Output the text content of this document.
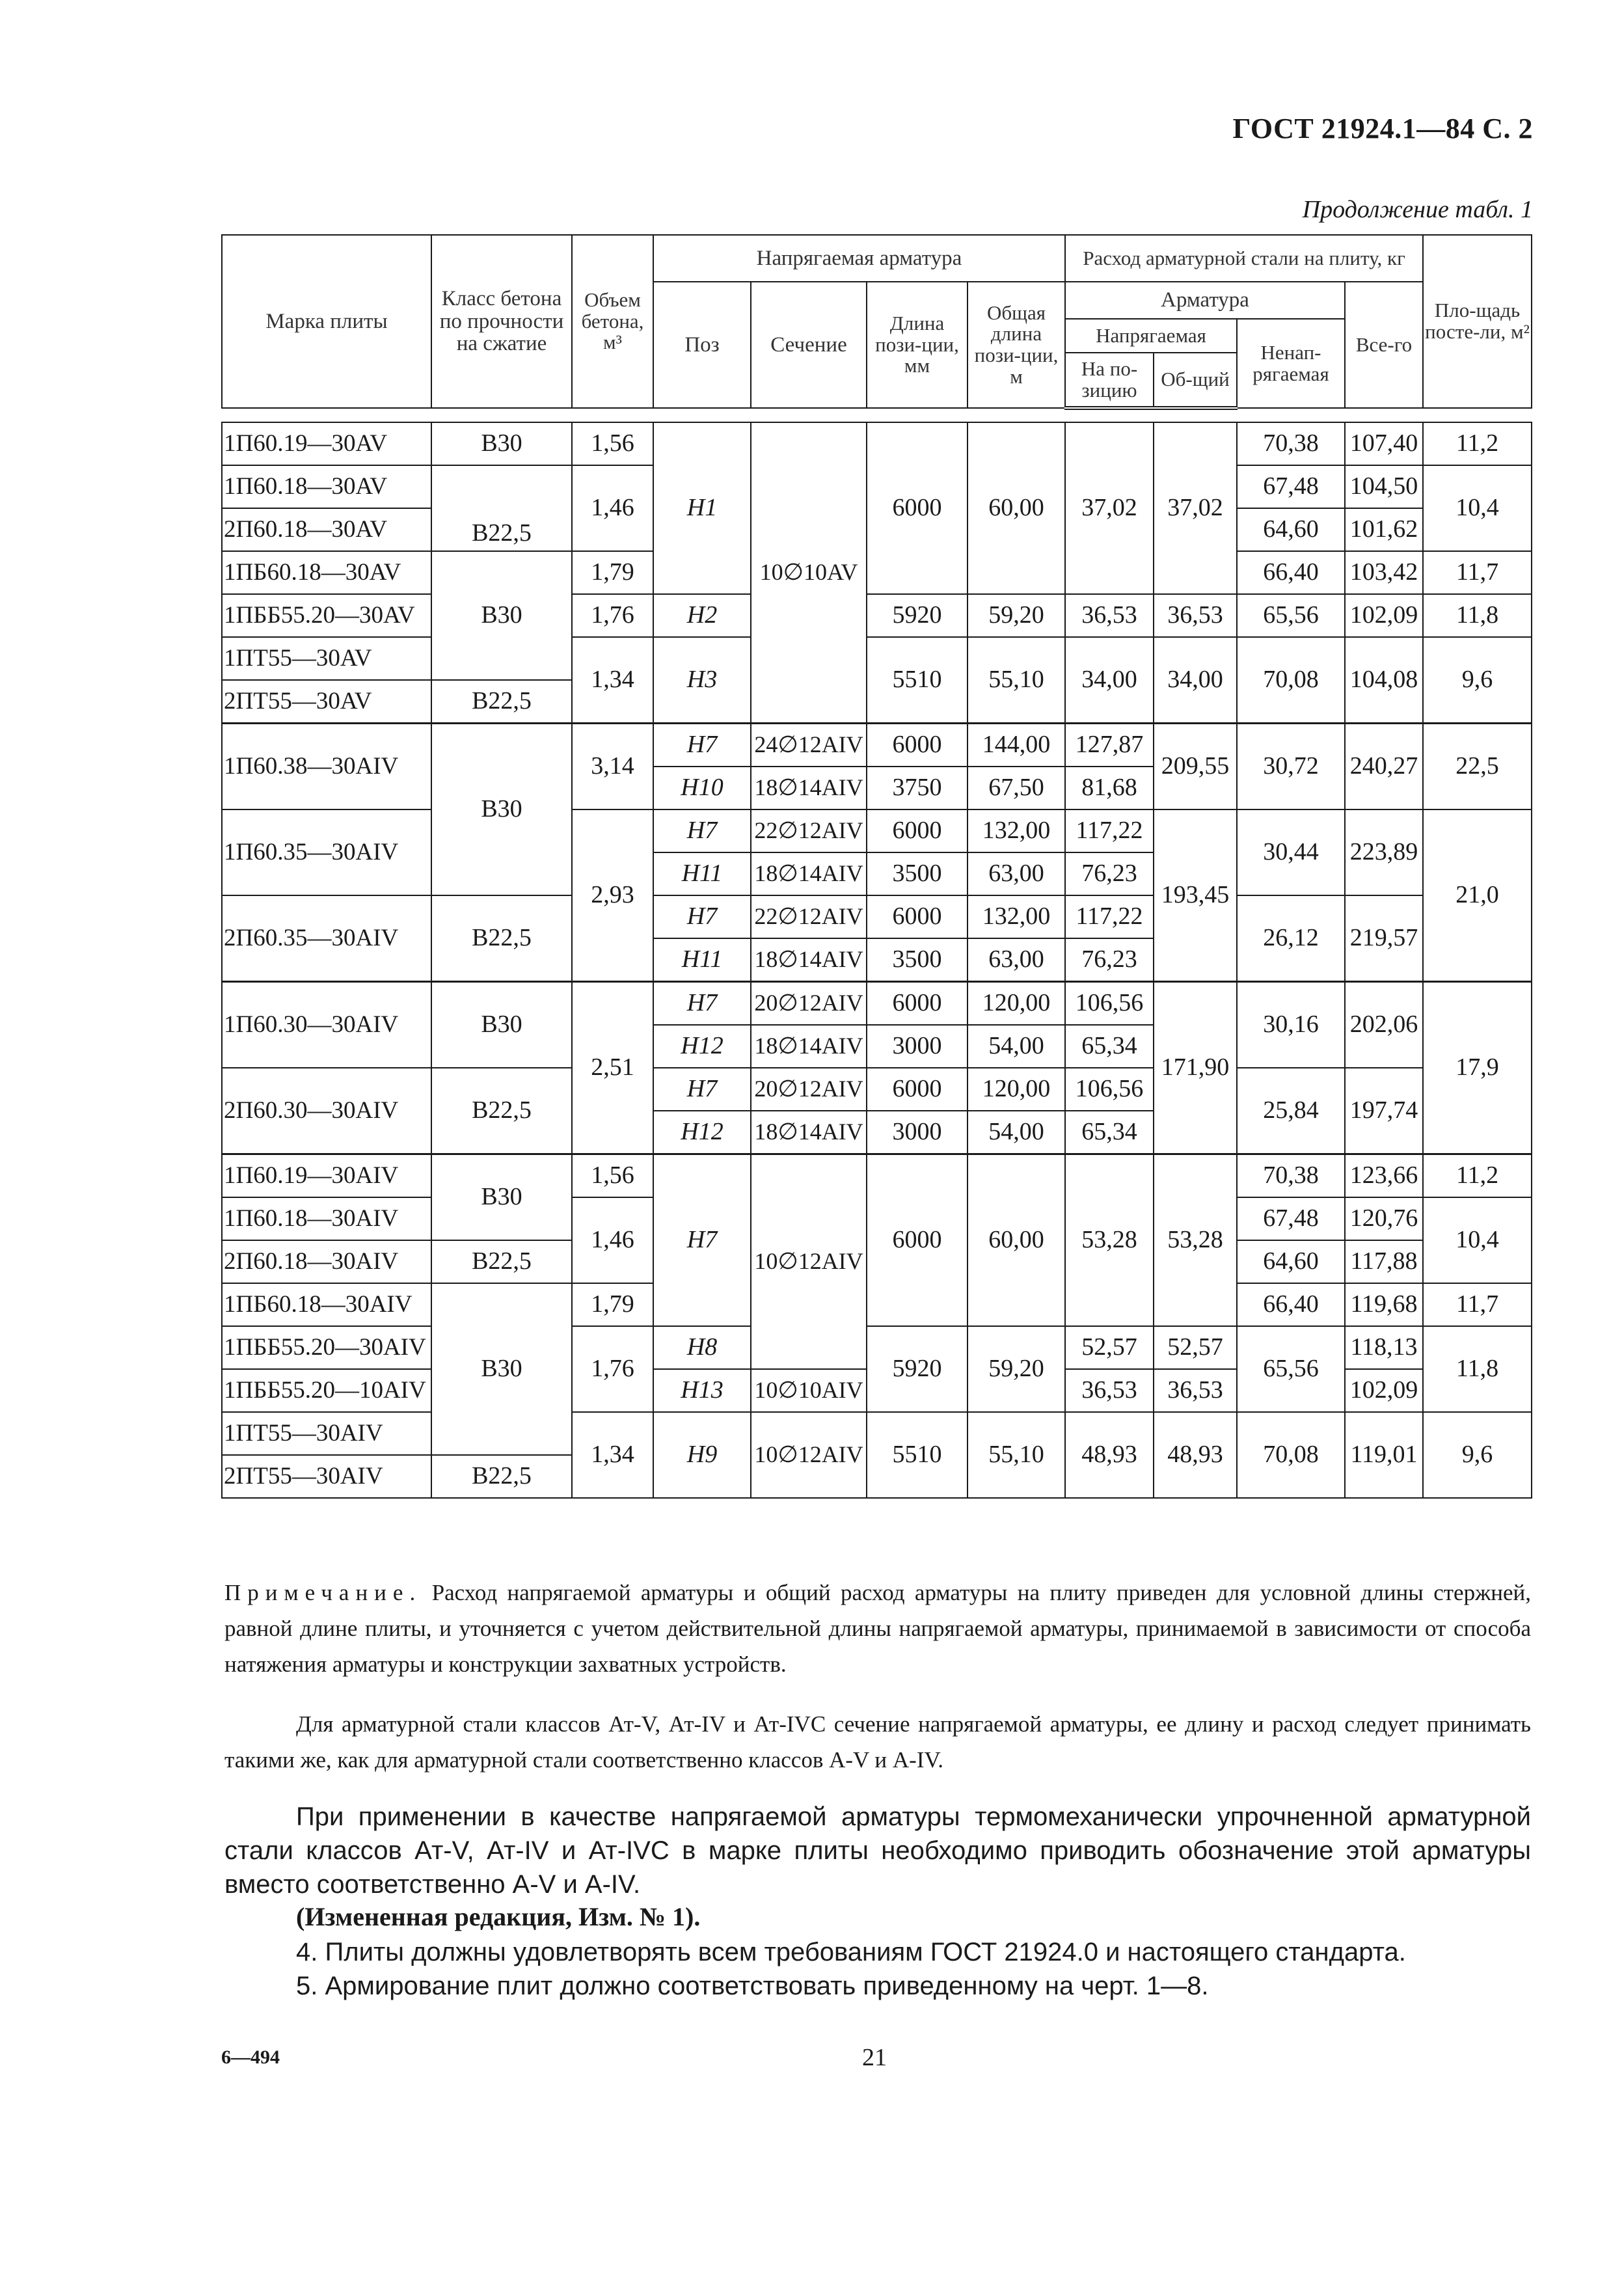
ГОСТ 21924.1—84 С. 2
Продолжение табл. 1
Марка плиты	Класс бетона по прочности на сжатие	Объем бетона, м³	Напрягаемая арматура				Расход арматурной стали на плиту, кг				Пло-щадь посте-ли, м²
			Поз	Сечение	Длина пози-ции, мм	Общая длина пози-ции, м	Арматура			Все-го	
							Напрягаемая		Ненап-рягаемая		
							На по-зицию	Об-щий			

1П60.19—30AV	B30	1,56	H1	10∅10AV	6000	60,00	37,02	37,02	70,38	107,40	11,2
1П60.18—30AV	B22,5	1,46							67,48	104,50	10,4
2П60.18—30AV									64,60	101,62	
1ПБ60.18—30AV	B30	1,79							66,40	103,42	11,7
1ПББ55.20—30AV		1,76	H2		5920	59,20	36,53	36,53	65,56	102,09	11,8
1ПТ55—30AV		1,34	H3		5510	55,10	34,00	34,00	70,08	104,08	9,6
2ПТ55—30AV	B22,5										
1П60.38—30AIV	B30	3,14	H7	24∅12AIV	6000	144,00	127,87	209,55	30,72	240,27	22,5
			H10	18∅14AIV	3750	67,50	81,68				
1П60.35—30AIV		2,93	H7	22∅12AIV	6000	132,00	117,22	193,45	30,44	223,89	21,0
			H11	18∅14AIV	3500	63,00	76,23				
2П60.35—30AIV	B22,5		H7	22∅12AIV	6000	132,00	117,22		26,12	219,57	
			H11	18∅14AIV	3500	63,00	76,23				
1П60.30—30AIV	B30	2,51	H7	20∅12AIV	6000	120,00	106,56	171,90	30,16	202,06	17,9
			H12	18∅14AIV	3000	54,00	65,34				
2П60.30—30AIV	B22,5		H7	20∅12AIV	6000	120,00	106,56		25,84	197,74	
			H12	18∅14AIV	3000	54,00	65,34				
1П60.19—30AIV	B30	1,56	H7	10∅12AIV	6000	60,00	53,28	53,28	70,38	123,66	11,2
1П60.18—30AIV		1,46							67,48	120,76	10,4
2П60.18—30AIV	B22,5								64,60	117,88	
1ПБ60.18—30AIV	B30	1,79							66,40	119,68	11,7
1ПББ55.20—30AIV		1,76	H8		5920	59,20	52,57	52,57	65,56	118,13	11,8
1ПББ55.20—10AIV			H13	10∅10AIV			36,53	36,53		102,09	
1ПТ55—30AIV		1,34	H9	10∅12AIV	5510	55,10	48,93	48,93	70,08	119,01	9,6
2ПТ55—30AIV	B22,5										
Примечание. Расход напрягаемой арматуры и общий расход арматуры на плиту приведен для условной длины стержней, равной длине плиты, и уточняется с учетом действительной длины напрягаемой арматуры, принимаемой в зависимости от способа натяжения арматуры и конструкции захватных устройств.
Для арматурной стали классов Ат-V, Ат-IV и Ат-IVC сечение напрягаемой арматуры, ее длину и расход следует принимать такими же, как для арматурной стали соответственно классов A-V и A-IV.
При применении в качестве напрягаемой арматуры термомеханически упрочненной арматурной стали классов Ат-V, Ат-IV и Ат-IVC в марке плиты необходимо приводить обозначение этой арматуры вместо соответственно A-V и A-IV.
(Измененная редакция, Изм. № 1).
4. Плиты должны удовлетворять всем требованиям ГОСТ 21924.0 и настоящего стандарта.
5. Армирование плит должно соответствовать приведенному на черт. 1—8.
6—494	21
